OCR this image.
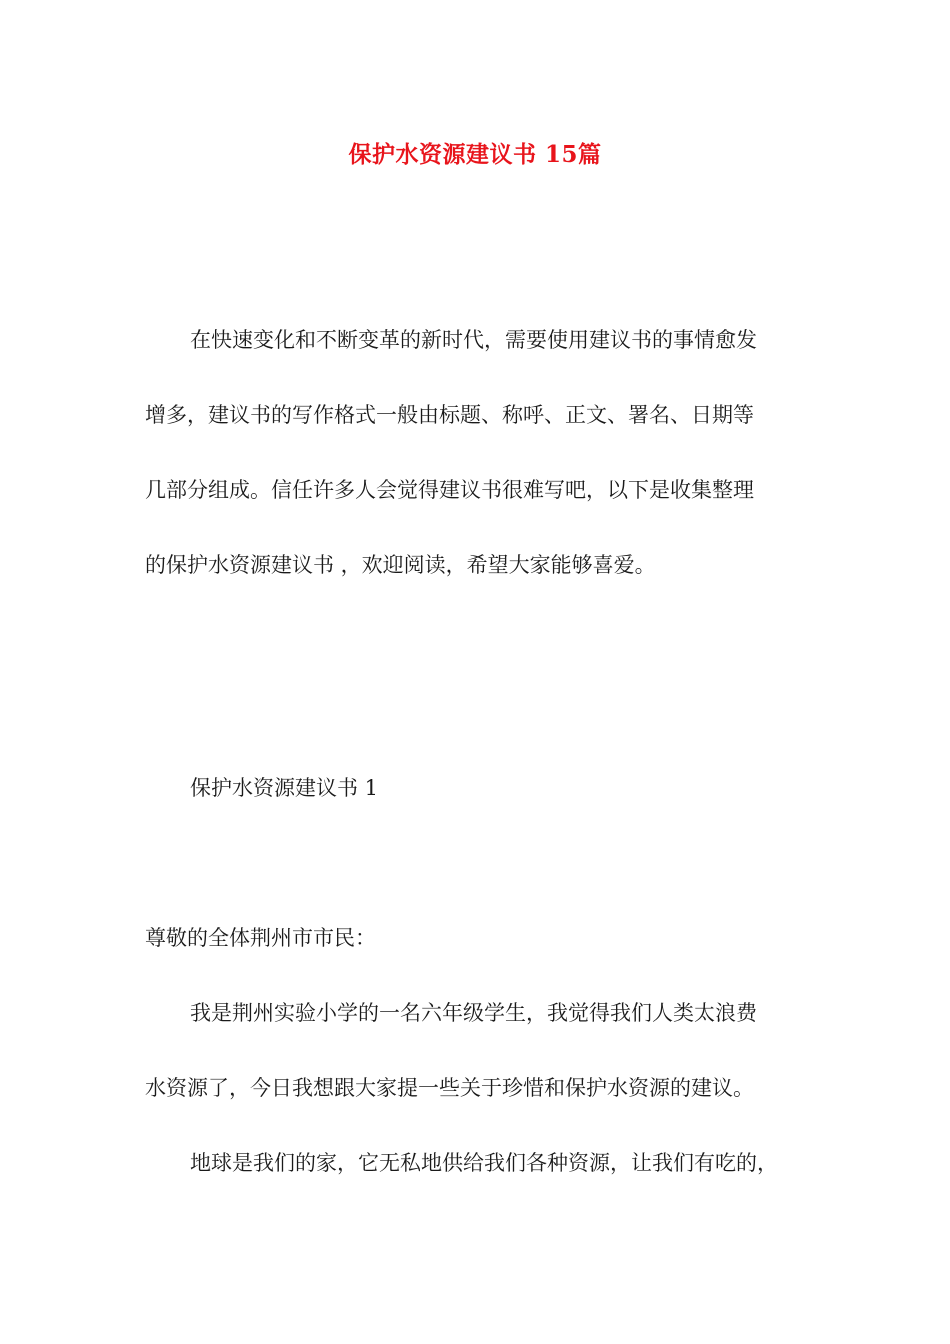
保护水资源建议书 15篇
在快速变化和不断变革的新时代，需要使用建议书的事情愈发
增多，建议书的写作格式一般由标题、称呼、正文、署名、日期等
几部分组成。信任许多人会觉得建议书很难写吧，以下是收集整理
的保护水资源建议书 ，欢迎阅读，希望大家能够喜爱。
保护水资源建议书 1
尊敬的全体荆州市市民：
我是荆州实验小学的一名六年级学生，我觉得我们人类太浪费
水资源了，今日我想跟大家提一些关于珍惜和保护水资源的建议。
地球是我们的家，它无私地供给我们各种资源，让我们有吃的，
